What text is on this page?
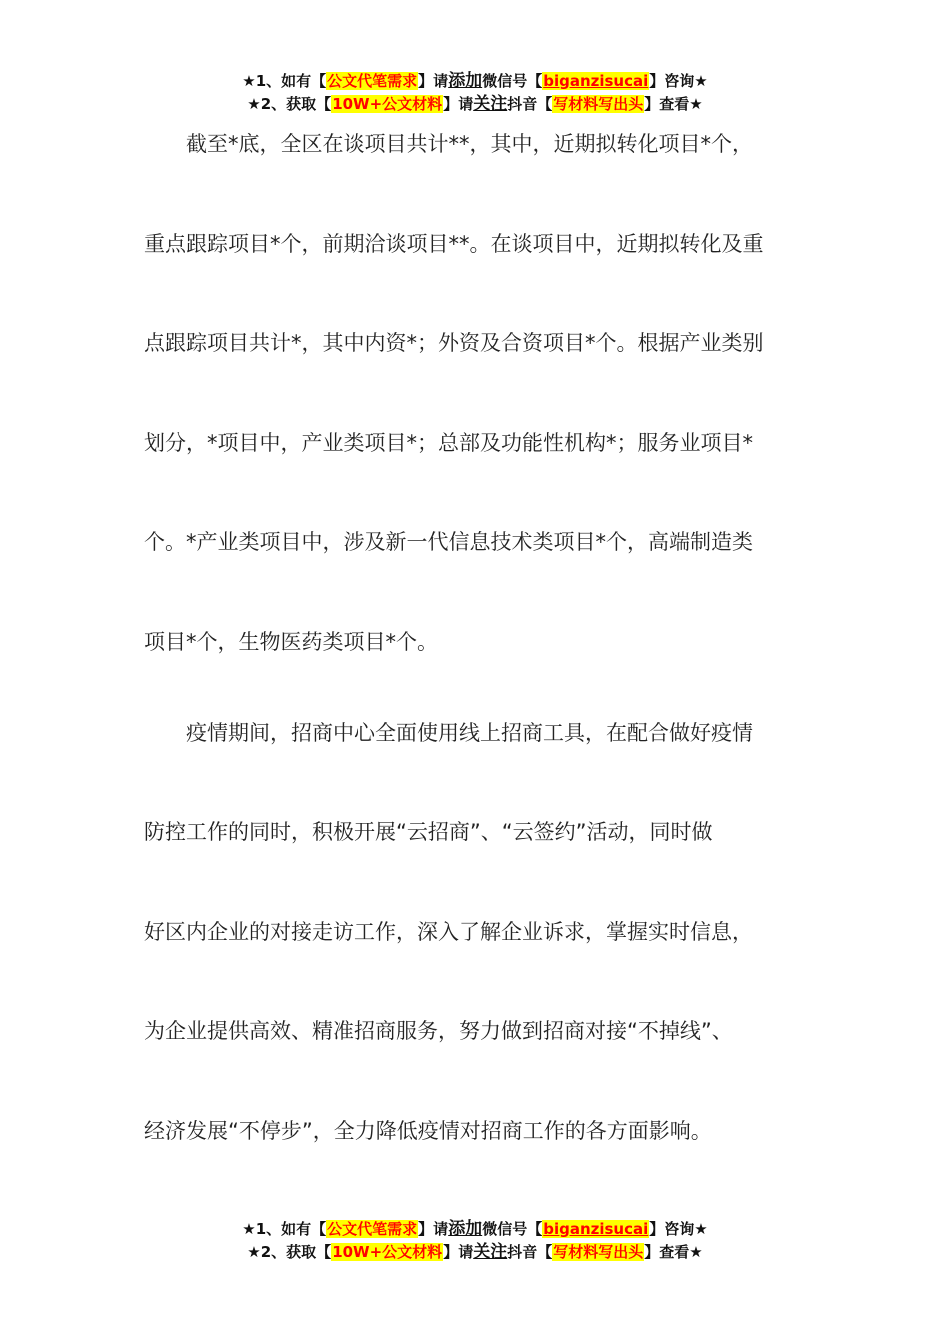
★1、如有【公文代笔需求】请添加微信号【biganzisucai】咨询★
★2、获取【10W+公文材料】请关注抖音【写材料写出头】查看★
　　截至*底，全区在谈项目共计**，其中，近期拟转化项目*个，
重点跟踪项目*个，前期洽谈项目**。在谈项目中，近期拟转化及重
点跟踪项目共计*，其中内资*；外资及合资项目*个。根据产业类别
划分，*项目中，产业类项目*；总部及功能性机构*；服务业项目*
个。*产业类项目中，涉及新一代信息技术类项目*个，高端制造类
项目*个，生物医药类项目*个。
　　疫情期间，招商中心全面使用线上招商工具，在配合做好疫情
防控工作的同时，积极开展“云招商”、“云签约”活动，同时做
好区内企业的对接走访工作，深入了解企业诉求，掌握实时信息，
为企业提供高效、精准招商服务，努力做到招商对接“不掉线”、
经济发展“不停步”，全力降低疫情对招商工作的各方面影响。
★1、如有【公文代笔需求】请添加微信号【biganzisucai】咨询★
★2、获取【10W+公文材料】请关注抖音【写材料写出头】查看★
